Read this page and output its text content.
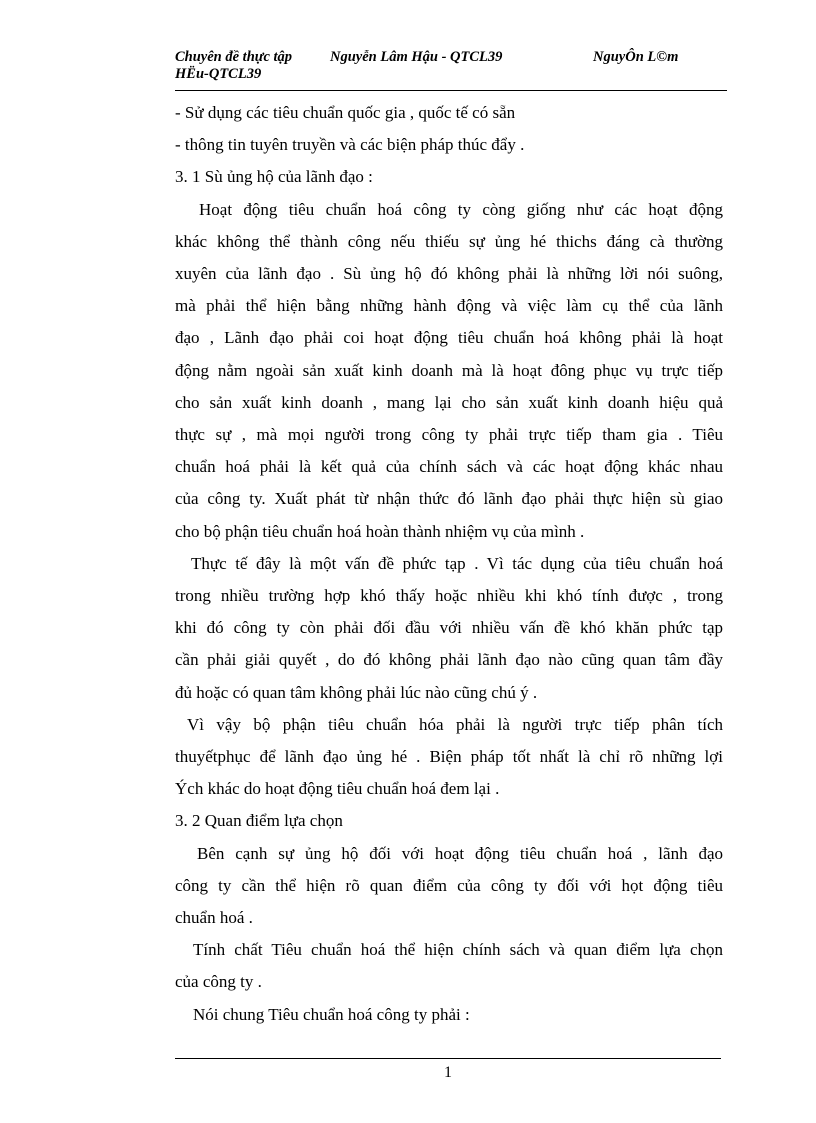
Chuyên đề thực tập	Nguyễn Lâm Hậu - QTCL39	NguyÔn L©m
HËu-QTCL39

- Sử dụng các tiêu chuẩn quốc gia , quốc tế có sẵn

- thông tin tuyên truyền và các biện pháp thúc đẩy .

3. 1 Sù ủng hộ của lãnh đạo :

Hoạt động tiêu chuẩn hoá công ty còng giống như các hoạt động

khác không thể thành công nếu thiếu sự ủng hé thichs đáng cà thường

xuyên của lãnh đạo . Sù ủng hộ đó không phải là những lời nói suông,

mà phải thể hiện bằng những hành động và việc làm cụ thể của lãnh

đạo , Lãnh đạo phải coi hoạt động tiêu chuẩn hoá không phải là hoạt

động nằm ngoài sản xuất kinh doanh mà là hoạt đông phục vụ trực tiếp

cho sản xuất kinh doanh , mang lại cho sản xuất kinh doanh hiệu quả

thực sự , mà mọi người trong công ty phải trực tiếp tham gia . Tiêu

chuẩn hoá phải là kết quả của chính sách và các hoạt động khác nhau

của công ty. Xuất phát từ nhận thức đó lãnh đạo phải thực hiện sù giao

cho bộ phận tiêu chuẩn hoá hoàn thành nhiệm vụ của mình .

Thực tế đây là một vấn đề phức tạp . Vì tác dụng của tiêu chuẩn hoá

trong nhiều trường hợp khó thấy hoặc nhiều khi khó tính được , trong

khi đó công ty còn phải đối đầu với nhiều vấn đề khó khăn phức tạp

cần phải giải quyết , do đó không phải lãnh đạo nào cũng quan tâm đầy

đủ hoặc có quan tâm không phải lúc nào cũng chú ý .

Vì vậy bộ phận tiêu chuẩn hóa phải là người trực tiếp phân tích

thuyếtphục để lãnh đạo ủng hé . Biện pháp tốt nhất là chỉ rõ những lợi

Ých khác do hoạt động tiêu chuẩn hoá đem lại .

3. 2 Quan điểm lựa chọn

Bên cạnh sự ủng hộ đối với hoạt động tiêu chuẩn hoá , lãnh đạo

công ty cần thể hiện rõ quan điểm của công ty đối với họt động tiêu

chuẩn hoá .

Tính chất Tiêu chuẩn hoá thể hiện chính sách và quan điểm lựa chọn

của công ty .

Nói chung Tiêu chuẩn hoá công ty phải :

1
